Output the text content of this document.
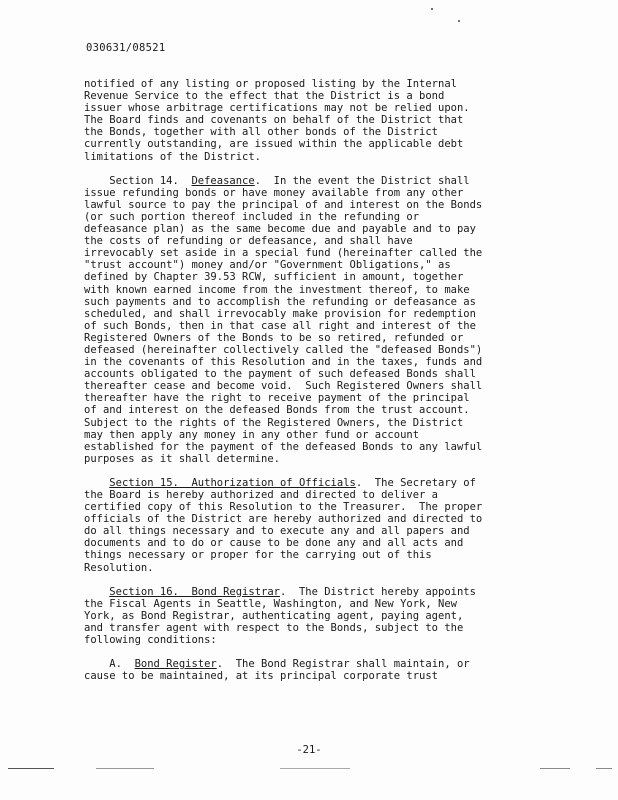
030631/08521
notified of any listing or proposed listing by the Internal
Revenue Service to the effect that the District is a bond
issuer whose arbitrage certifications may not be relied upon.
The Board finds and covenants on behalf of the District that
the Bonds, together with all other bonds of the District
currently outstanding, are issued within the applicable debt
limitations of the District.
Section 14.  Defeasance.  In the event the District shall
issue refunding bonds or have money available from any other
lawful source to pay the principal of and interest on the Bonds
(or such portion thereof included in the refunding or
defeasance plan) as the same become due and payable and to pay
the costs of refunding or defeasance, and shall have
irrevocably set aside in a special fund (hereinafter called the
"trust account") money and/or "Government Obligations," as
defined by Chapter 39.53 RCW, sufficient in amount, together
with known earned income from the investment thereof, to make
such payments and to accomplish the refunding or defeasance as
scheduled, and shall irrevocably make provision for redemption
of such Bonds, then in that case all right and interest of the
Registered Owners of the Bonds to be so retired, refunded or
defeased (hereinafter collectively called the "defeased Bonds")
in the covenants of this Resolution and in the taxes, funds and
accounts obligated to the payment of such defeased Bonds shall
thereafter cease and become void.  Such Registered Owners shall
thereafter have the right to receive payment of the principal
of and interest on the defeased Bonds from the trust account.
Subject to the rights of the Registered Owners, the District
may then apply any money in any other fund or account
established for the payment of the defeased Bonds to any lawful
purposes as it shall determine.
Section 15.  Authorization of Officials.  The Secretary of
the Board is hereby authorized and directed to deliver a
certified copy of this Resolution to the Treasurer.  The proper
officials of the District are hereby authorized and directed to
do all things necessary and to execute any and all papers and
documents and to do or cause to be done any and all acts and
things necessary or proper for the carrying out of this
Resolution.
Section 16.  Bond Registrar.  The District hereby appoints
the Fiscal Agents in Seattle, Washington, and New York, New
York, as Bond Registrar, authenticating agent, paying agent,
and transfer agent with respect to the Bonds, subject to the
following conditions:
A.  Bond Register.  The Bond Registrar shall maintain, or
cause to be maintained, at its principal corporate trust
-21-
